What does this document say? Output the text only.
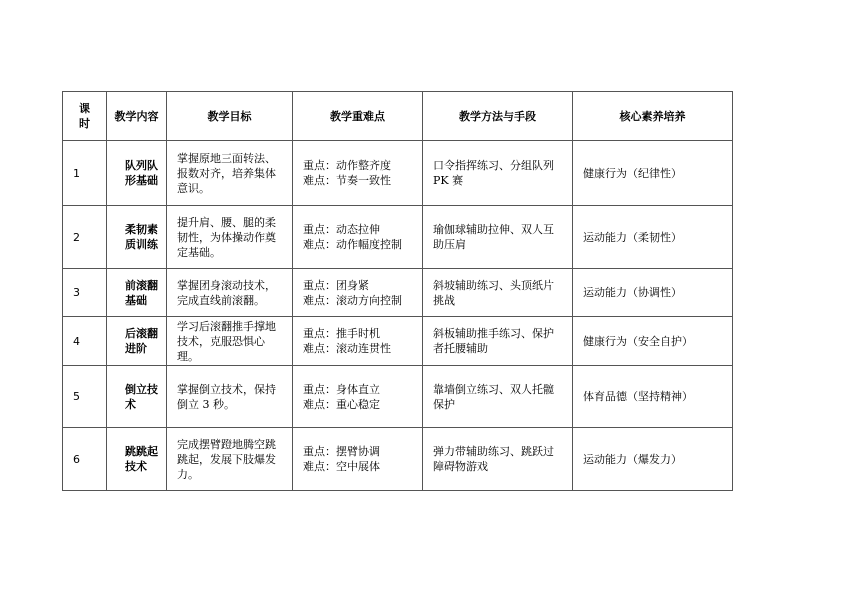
课时	教学内容	教学目标	教学重难点	教学方法与手段	核心素养培养
1	队列队形基础	掌握原地三面转法、报数对齐，培养集体意识。	重点：动作整齐度
难点：节奏一致性	口令指挥练习、分组队列 PK 赛	健康行为（纪律性）
2	柔韧素质训练	提升肩、腰、腿的柔韧性，为体操动作奠定基础。	重点：动态拉伸
难点：动作幅度控制	瑜伽球辅助拉伸、双人互助压肩	运动能力（柔韧性）
3	前滚翻基础	掌握团身滚动技术，完成直线前滚翻。	重点：团身紧
难点：滚动方向控制	斜坡辅助练习、头顶纸片挑战	运动能力（协调性）
4	后滚翻进阶	学习后滚翻推手撑地技术，克服恐惧心理。	重点：推手时机
难点：滚动连贯性	斜板辅助推手练习、保护者托腰辅助	健康行为（安全自护）
5	倒立技术	掌握倒立技术，保持倒立 3 秒。	重点：身体直立
难点：重心稳定	靠墙倒立练习、双人托髋保护	体育品德（坚持精神）
6	跳跳起技术	完成摆臂蹬地腾空跳跳起，发展下肢爆发力。	重点：摆臂协调
难点：空中展体	弹力带辅助练习、跳跃过障碍物游戏	运动能力（爆发力）
